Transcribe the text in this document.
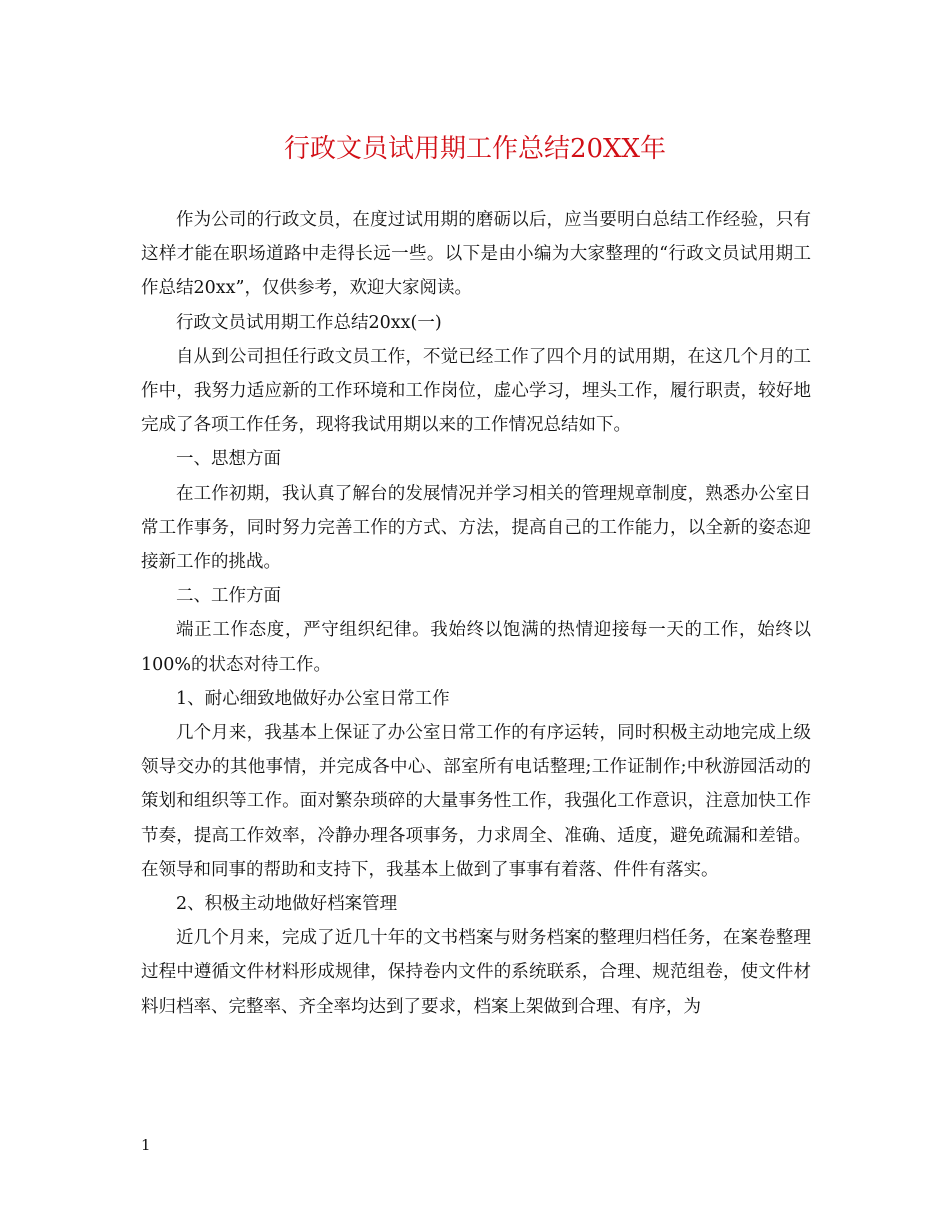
行政文员试用期工作总结20XX年

作为公司的行政文员，在度过试用期的磨砺以后，应当要明白总结工作经验，只有这样才能在职场道路中走得长远一些。以下是由小编为大家整理的“行政文员试用期工作总结20xx”，仅供参考，欢迎大家阅读。

行政文员试用期工作总结20xx(一)

自从到公司担任行政文员工作，不觉已经工作了四个月的试用期，在这几个月的工作中，我努力适应新的工作环境和工作岗位，虚心学习，埋头工作，履行职责，较好地完成了各项工作任务，现将我试用期以来的工作情况总结如下。

一、思想方面

在工作初期，我认真了解台的发展情况并学习相关的管理规章制度，熟悉办公室日常工作事务，同时努力完善工作的方式、方法，提高自己的工作能力，以全新的姿态迎接新工作的挑战。

二、工作方面

端正工作态度，严守组织纪律。我始终以饱满的热情迎接每一天的工作，始终以100%的状态对待工作。

1、耐心细致地做好办公室日常工作

几个月来，我基本上保证了办公室日常工作的有序运转，同时积极主动地完成上级领导交办的其他事情，并完成各中心、部室所有电话整理;工作证制作;中秋游园活动的策划和组织等工作。面对繁杂琐碎的大量事务性工作，我强化工作意识，注意加快工作节奏，提高工作效率，冷静办理各项事务，力求周全、准确、适度，避免疏漏和差错。在领导和同事的帮助和支持下，我基本上做到了事事有着落、件件有落实。

2、积极主动地做好档案管理

近几个月来，完成了近几十年的文书档案与财务档案的整理归档任务，在案卷整理过程中遵循文件材料形成规律，保持卷内文件的系统联系，合理、规范组卷，使文件材料归档率、完整率、齐全率均达到了要求，档案上架做到合理、有序，为

1
